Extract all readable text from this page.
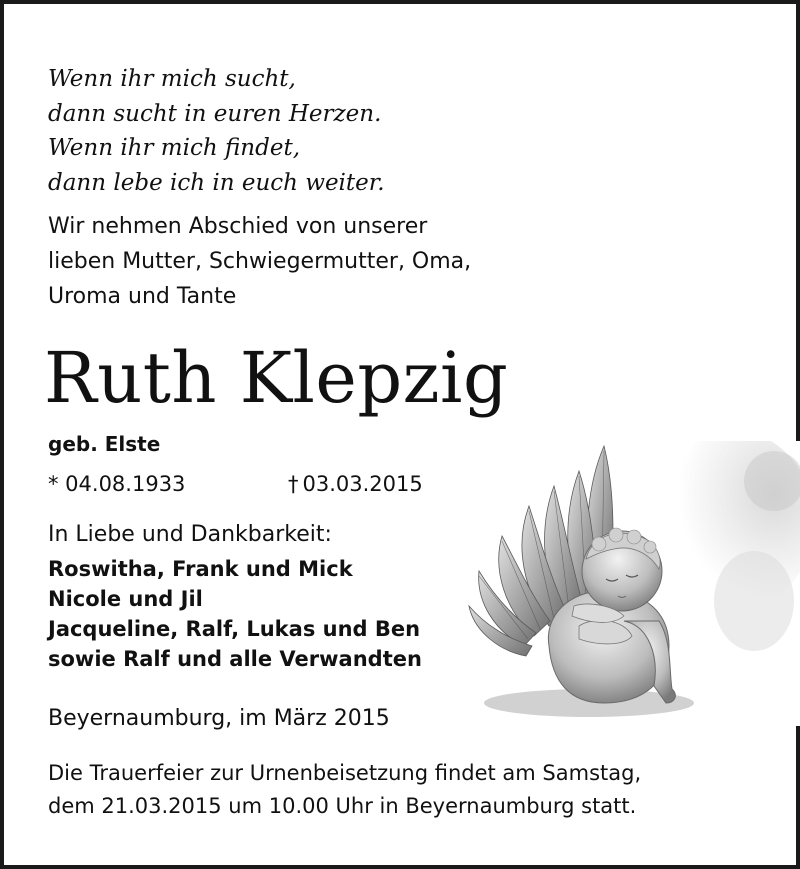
Wenn ihr mich sucht,
dann sucht in euren Herzen.
Wenn ihr mich findet,
dann lebe ich in euch weiter.
Wir nehmen Abschied von unserer
lieben Mutter, Schwiegermutter, Oma,
Uroma und Tante
Ruth Klepzig
geb. Elste
* 04.08.1933	† 03.03.2015
In Liebe und Dankbarkeit:
Roswitha, Frank und Mick
Nicole und Jil
Jacqueline, Ralf, Lukas und Ben
sowie Ralf und alle Verwandten
Beyernaumburg, im März 2015
Die Trauerfeier zur Urnenbeisetzung findet am Samstag,
dem 21.03.2015 um 10.00 Uhr in Beyernaumburg statt.
